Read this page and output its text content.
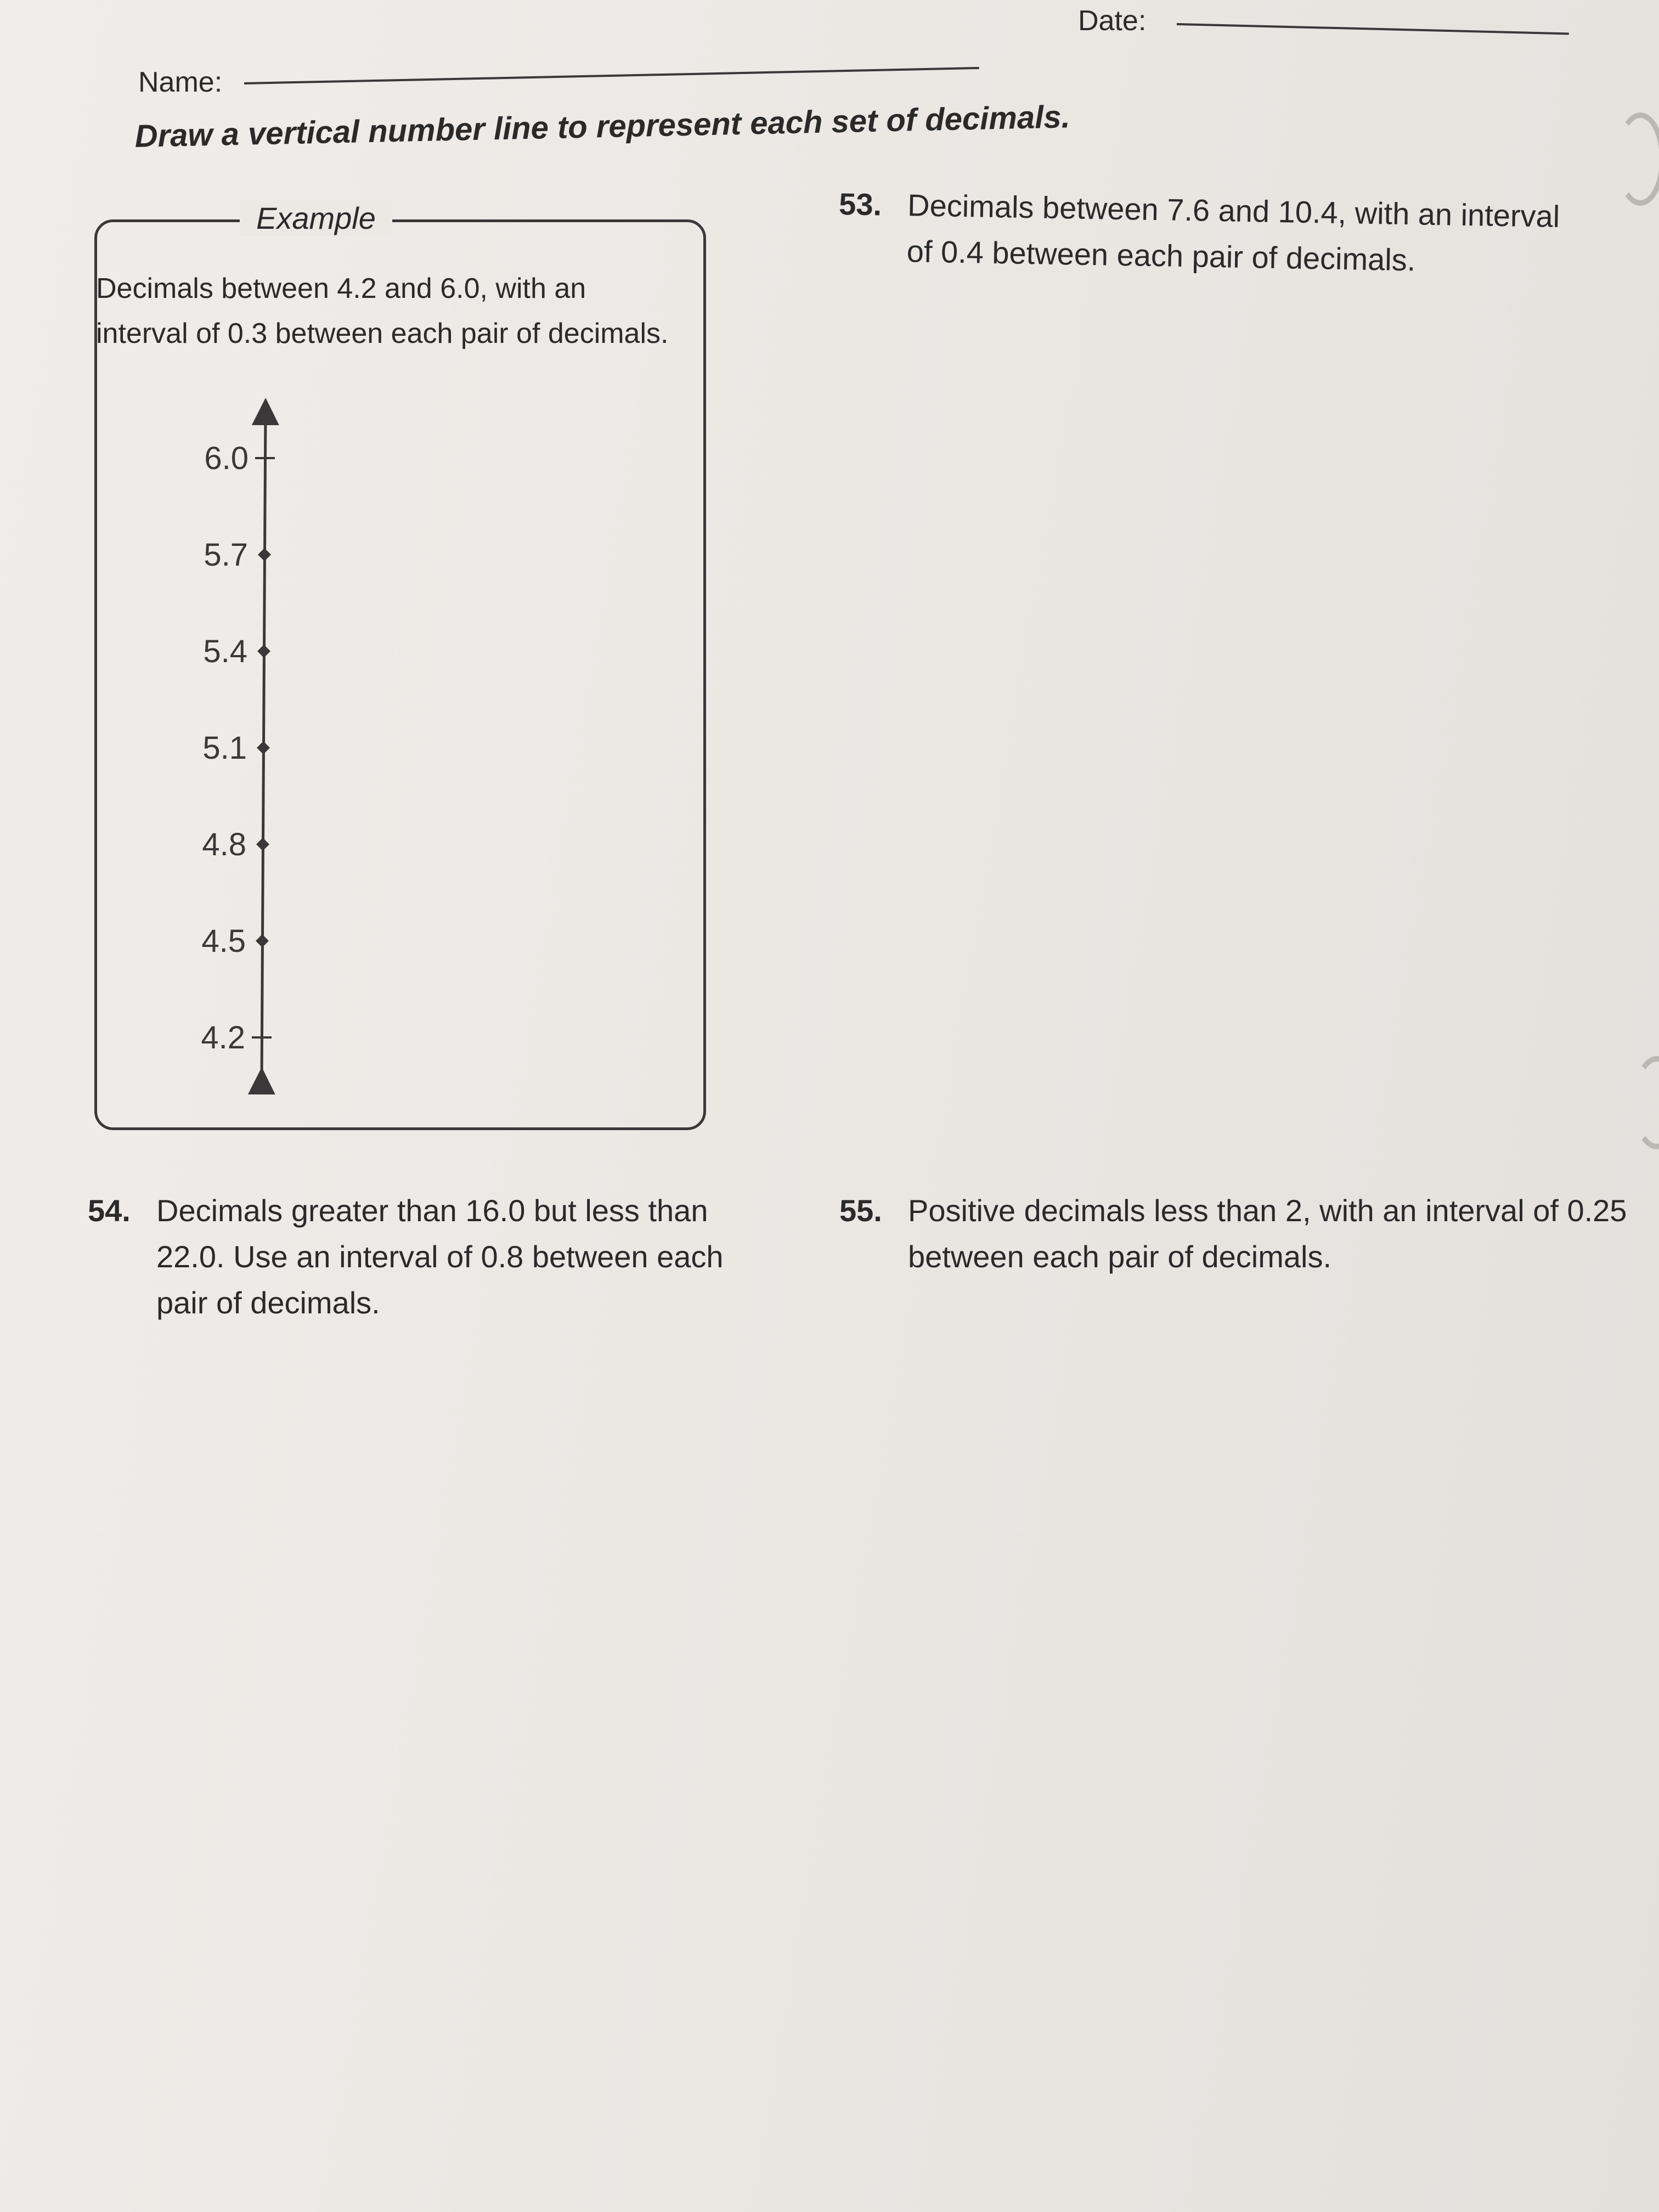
Name:
Date:
Draw a vertical number line to represent each set of decimals.
Example
Decimals between 4.2 and 6.0, with an interval of 0.3 between each pair of decimals.
6.0
5.7
5.4
5.1
4.8
4.5
4.2
53. Decimals between 7.6 and 10.4, with an interval of 0.4 between each pair of decimals.
54. Decimals greater than 16.0 but less than 22.0. Use an interval of 0.8 between each pair of decimals.
55. Positive decimals less than 2, with an interval of 0.25 between each pair of decimals.
